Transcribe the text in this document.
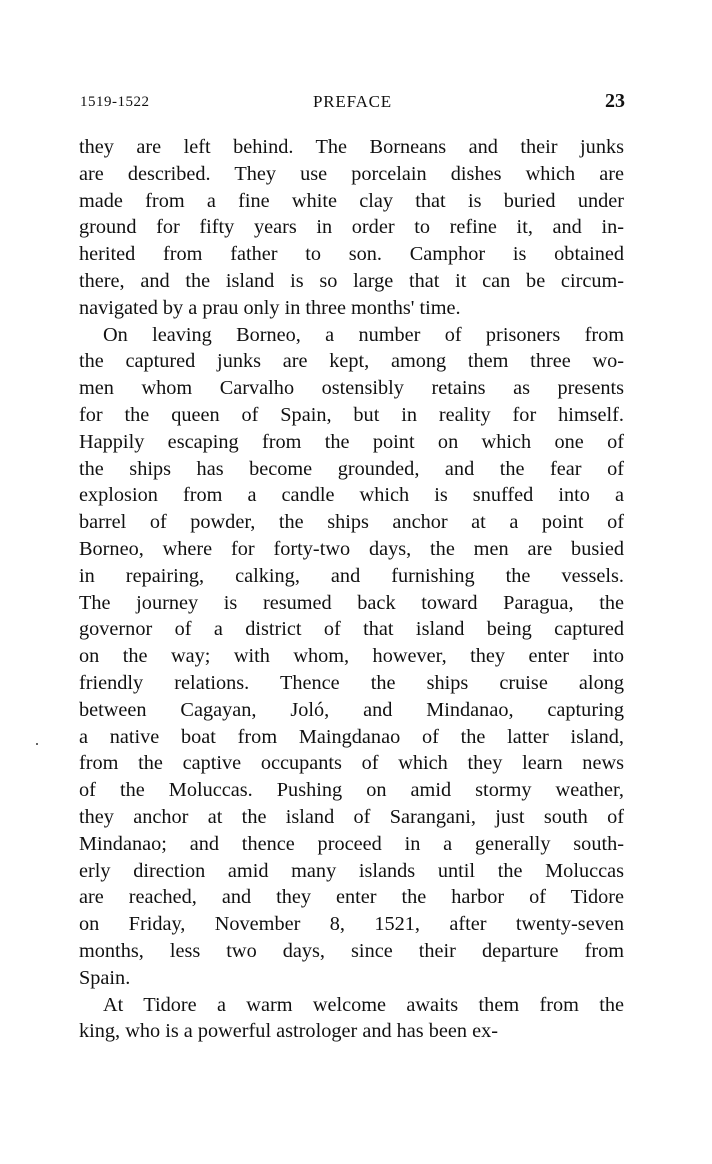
1519-1522	PREFACE	23
they are left behind. The Borneans and their junks
are described. They use porcelain dishes which are
made from a fine white clay that is buried under
ground for fifty years in order to refine it, and in-
herited from father to son. Camphor is obtained
there, and the island is so large that it can be circum-
navigated by a prau only in three months' time.
On leaving Borneo, a number of prisoners from
the captured junks are kept, among them three wo-
men whom Carvalho ostensibly retains as presents
for the queen of Spain, but in reality for himself.
Happily escaping from the point on which one of
the ships has become grounded, and the fear of
explosion from a candle which is snuffed into a
barrel of powder, the ships anchor at a point of
Borneo, where for forty-two days, the men are busied
in repairing, calking, and furnishing the vessels.
The journey is resumed back toward Paragua, the
governor of a district of that island being captured
on the way; with whom, however, they enter into
friendly relations. Thence the ships cruise along
between Cagayan, Joló, and Mindanao, capturing
a native boat from Maingdanao of the latter island,
from the captive occupants of which they learn news
of the Moluccas. Pushing on amid stormy weather,
they anchor at the island of Sarangani, just south of
Mindanao; and thence proceed in a generally south-
erly direction amid many islands until the Moluccas
are reached, and they enter the harbor of Tidore
on Friday, November 8, 1521, after twenty-seven
months, less two days, since their departure from
Spain.
At Tidore a warm welcome awaits them from the
king, who is a powerful astrologer and has been ex-
